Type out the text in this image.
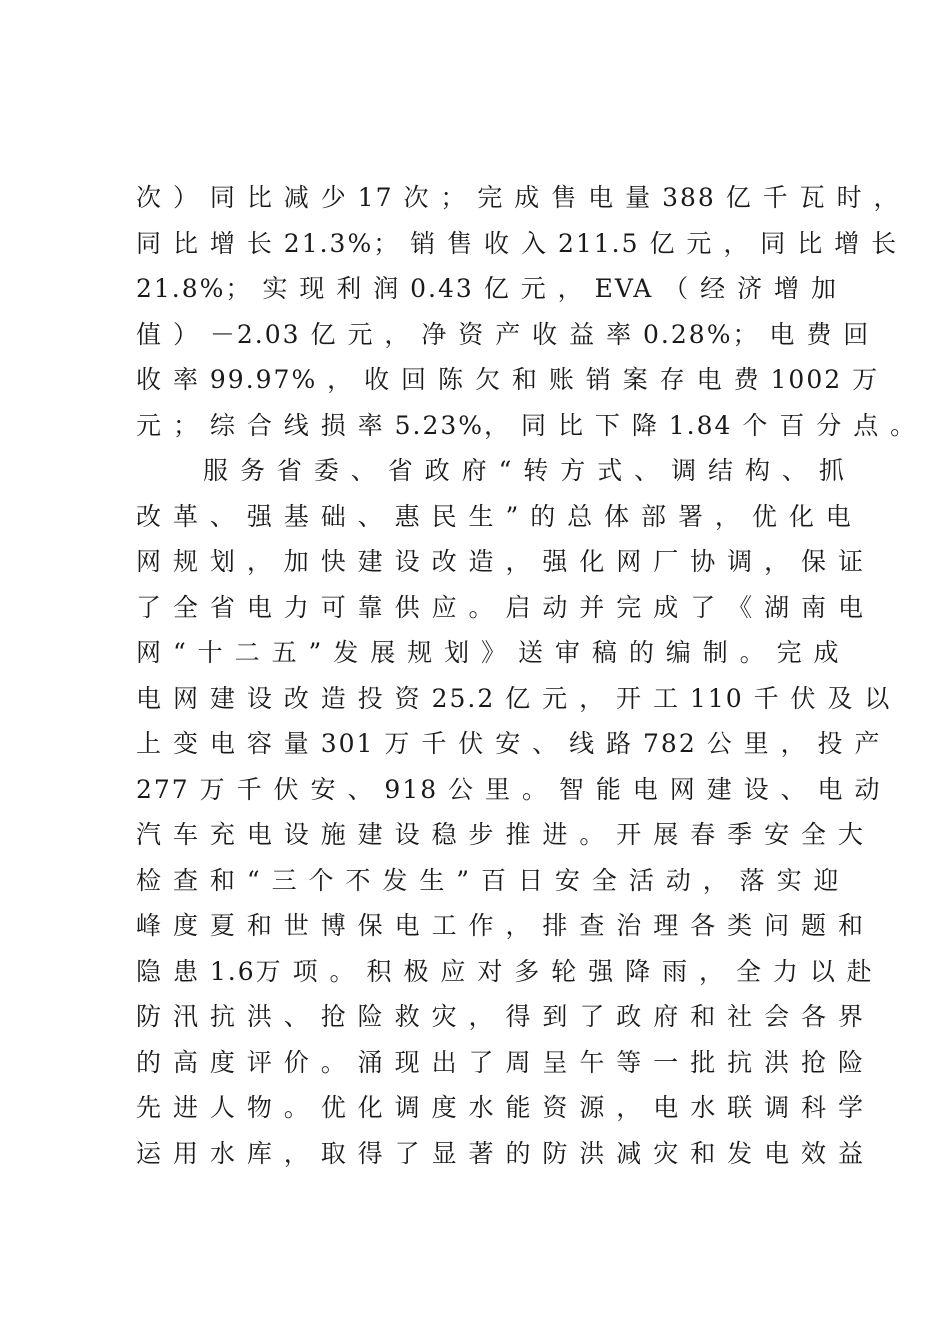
次 ） 同 比 减 少 17 次 ； 完 成 售 电 量 388 亿 千 瓦 时 ，
同 比 增 长 21.3%； 销 售 收 入 211.5 亿 元 ， 同 比 增 长
21.8%； 实 现 利 润 0.43 亿 元 ， EVA （ 经 济 增 加
值 ） －2.03 亿 元 ， 净 资 产 收 益 率 0.28%； 电 费 回
收 率 99.97% ， 收 回 陈 欠 和 账 销 案 存 电 费 1002 万
元 ； 综 合 线 损 率 5.23%， 同 比 下 降 1.84 个 百 分 点 。
服 务 省 委 、 省 政 府 “ 转 方 式 、 调 结 构 、 抓
改 革 、 强 基 础 、 惠 民 生 ” 的 总 体 部 署 ， 优 化 电
网 规 划 ， 加 快 建 设 改 造 ， 强 化 网 厂 协 调 ， 保 证
了 全 省 电 力 可 靠 供 应 。 启 动 并 完 成 了 《 湖 南 电
网 “ 十 二 五 ” 发 展 规 划 》 送 审 稿 的 编 制 。 完 成
电 网 建 设 改 造 投 资 25.2 亿 元 ， 开 工 110 千 伏 及 以
上 变 电 容 量 301 万 千 伏 安 、 线 路 782 公 里 ， 投 产
277 万 千 伏 安 、 918 公 里 。 智 能 电 网 建 设 、 电 动
汽 车 充 电 设 施 建 设 稳 步 推 进 。 开 展 春 季 安 全 大
检 查 和 “ 三 个 不 发 生 ” 百 日 安 全 活 动 ， 落 实 迎
峰 度 夏 和 世 博 保 电 工 作 ， 排 查 治 理 各 类 问 题 和
隐 患 1.6万 项 。 积 极 应 对 多 轮 强 降 雨 ， 全 力 以 赴
防 汛 抗 洪 、 抢 险 救 灾 ， 得 到 了 政 府 和 社 会 各 界
的 高 度 评 价 。 涌 现 出 了 周 呈 午 等 一 批 抗 洪 抢 险
先 进 人 物 。 优 化 调 度 水 能 资 源 ， 电 水 联 调 科 学
运 用 水 库 ， 取 得 了 显 著 的 防 洪 减 灾 和 发 电 效 益
